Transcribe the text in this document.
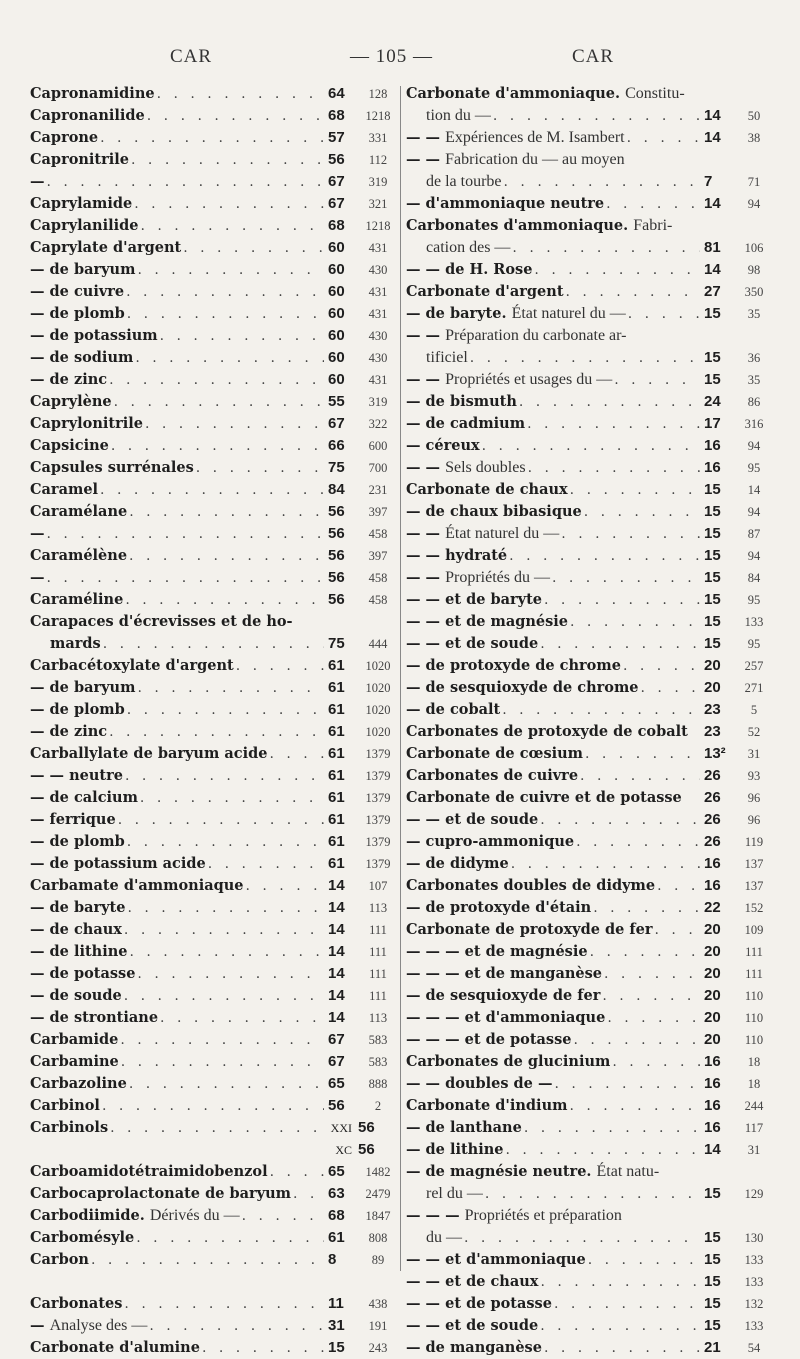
CAR	— 105 —	CAR
Capronamidine . . .	64	128
Capronanilide . . .	68	1218
Caprone . . .	57	331
Capronitrile . . .	56	112
— . . .	67	319
Caprylamide . . .	67	321
Caprylanilide . . .	68	1218
Caprylate d'argent . . .	60	431
— de baryum . . .	60	430
— de cuivre . . .	60	431
— de plomb . . .	60	431
— de potassium . . .	60	430
— de sodium . . .	60	430
— de zinc . . .	60	431
Caprylène . . .	55	319
Caprylonitrile . . .	67	322
Capsicine . . .	66	600
Capsules surrénales . . .	75	700
Caramel . . .	84	231
Caramélane . . .	56	397
— . . .	56	458
Caramélène . . .	56	397
— . . .	56	458
Caraméline . . .	56	458
Carapaces d'écrevisses et de ho-
mards . . .	75	444
Carbacétoxylate d'argent . . .	61	1020
— de baryum . . .	61	1020
— de plomb . . .	61	1020
— de zinc . . .	61	1020
Carballylate de baryum acide . . .	61	1379
— — neutre . . .	61	1379
— de calcium . . .	61	1379
— ferrique . . .	61	1379
— de plomb . . .	61	1379
— de potassium acide . . .	61	1379
Carbamate d'ammoniaque . . .	14	107
— de baryte . . .	14	113
— de chaux . . .	14	111
— de lithine . . .	14	111
— de potasse . . .	14	111
— de soude . . .	14	111
— de strontiane . . .	14	113
Carbamide . . .	67	583
Carbamine . . .	67	583
Carbazoline . . .	65	888
Carbinol . . .	56	2
Carbinols . . .	XXI 56
XC 56
Carboamidotétraimidobenzol . . .	65	1482
Carbocaprolactonate de baryum . . . 63	2479
Carbodiimide. Dérivés du — . . .	68	1847
Carbomésyle . . .	61	808
Carbon . . .	8	89
Carbonates . . .	11	438
— Analyse des — . . .	31	191
Carbonate d'alumine . . .	15	243
Carbonate d'ammoniaque. Constitu-
tion du — . . .	14	50
— — Expériences de M. Isambert . . .	14	38
— — Fabrication du — au moyen
de la tourbe . . .	7	71
— d'ammoniaque neutre . . .	14	94
Carbonates d'ammoniaque. Fabri-
cation des — . . .	81	106
— — de H. Rose . . .	14	98
Carbonate d'argent . . .	27	350
— de baryte. État naturel du — . . .	15	35
— — Préparation du carbonate ar-
tificiel . . .	15	36
— — Propriétés et usages du — . . .	15	35
— de bismuth . . .	24	86
— de cadmium . . .	17	316
— céreux . . .	16	94
— — Sels doubles . . .	16	95
Carbonate de chaux . . .	15	14
— de chaux bibasique . . .	15	94
— — État naturel du — . . .	15	87
— — hydraté . . .	15	94
— — Propriétés du — . . .	15	84
— — et de baryte . . .	15	95
— — et de magnésie . . .	15	133
— — et de soude . . .	15	95
— de protoxyde de chrome . . .	20	257
— de sesquioxyde de chrome . . .	20	271
— de cobalt . . .	23	5
Carbonates de protoxyde de cobalt 23	52
Carbonate de cœsium . . .	13²	31
Carbonates de cuivre . . .	26	93
Carbonate de cuivre et de potasse 26	96
— — et de soude . . .	26	96
— cupro-ammonique . . .	26	119
— de didyme . . .	16	137
Carbonates doubles de didyme . . .	16	137
— de protoxyde d'étain . . .	22	152
Carbonate de protoxyde de fer . . .	20	109
— — — et de magnésie . . .	20	111
— — — et de manganèse . . .	20	111
— de sesquioxyde de fer . . .	20	110
— — — et d'ammoniaque . . .	20	110
— — — et de potasse . . .	20	110
Carbonates de glucinium . . .	16	18
— — doubles de — . . .	16	18
Carbonate d'indium . . .	16	244
— de lanthane . . .	16	117
— de lithine . . .	14	31
— de magnésie neutre. État natu-
rel du — . . .	15	129
— — — Propriétés et préparation
du — . . .	15	130
— — et d'ammoniaque . . .	15	133
— — et de chaux . . .	15	133
— — et de potasse . . .	15	132
— — et de soude . . .	15	133
— de manganèse . . .	21	54
